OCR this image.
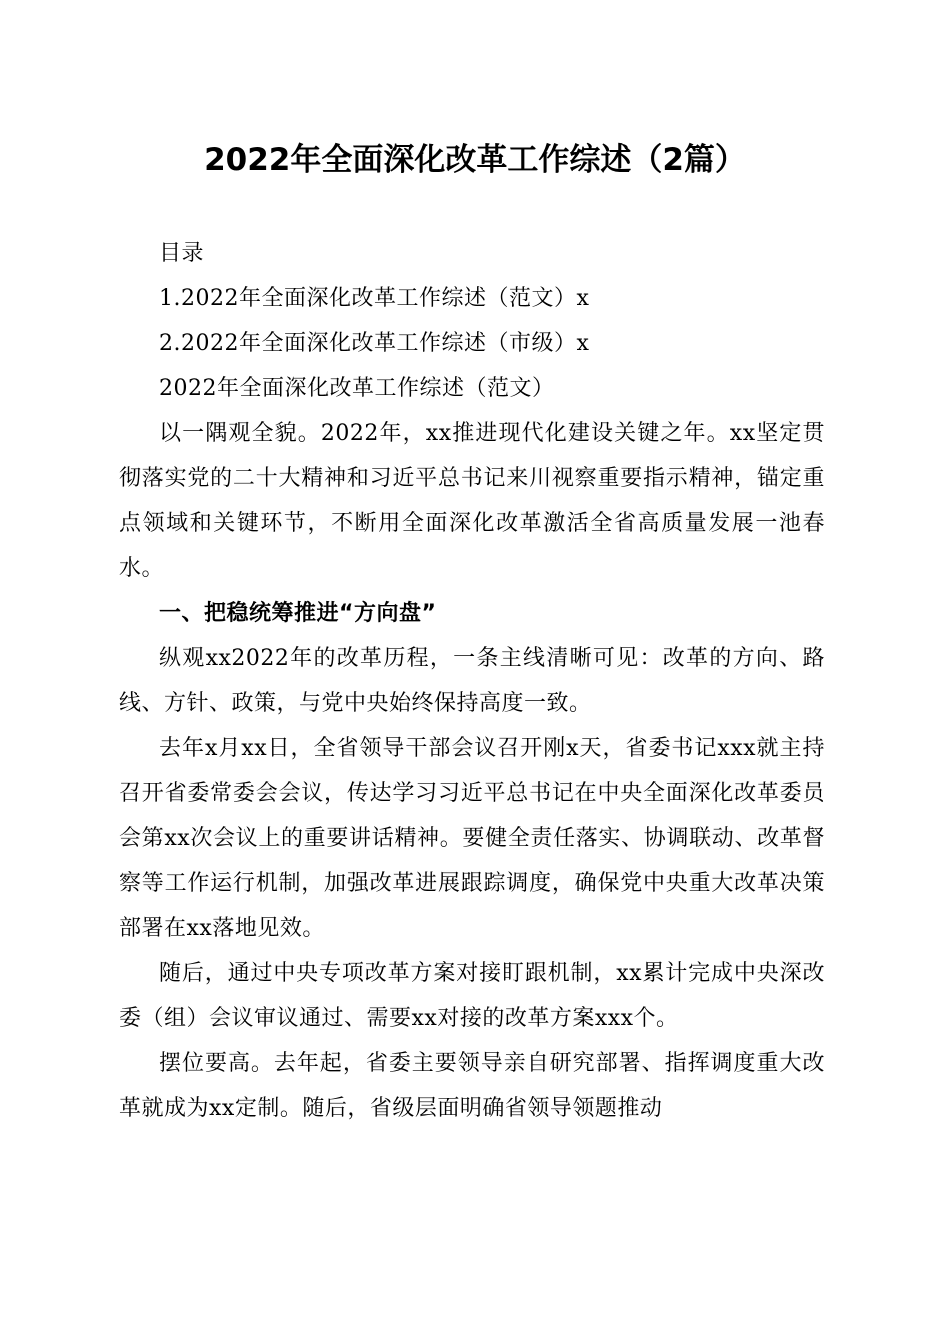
2022年全面深化改革工作综述（2篇）

目录

1.2022年全面深化改革工作综述（范文）x

2.2022年全面深化改革工作综述（市级）x

2022年全面深化改革工作综述（范文）

以一隅观全貌。2022年，xx推进现代化建设关键之年。xx坚定贯彻落实党的二十大精神和习近平总书记来川视察重要指示精神，锚定重点领域和关键环节，不断用全面深化改革激活全省高质量发展一池春水。

一、把稳统筹推进“方向盘”

纵观xx2022年的改革历程，一条主线清晰可见：改革的方向、路线、方针、政策，与党中央始终保持高度一致。

去年x月xx日，全省领导干部会议召开刚x天，省委书记xxx就主持召开省委常委会会议，传达学习习近平总书记在中央全面深化改革委员会第xx次会议上的重要讲话精神。要健全责任落实、协调联动、改革督察等工作运行机制，加强改革进展跟踪调度，确保党中央重大改革决策部署在xx落地见效。

随后，通过中央专项改革方案对接盯跟机制，xx累计完成中央深改委（组）会议审议通过、需要xx对接的改革方案xxx个。

摆位要高。去年起，省委主要领导亲自研究部署、指挥调度重大改革就成为xx定制。随后，省级层面明确省领导领题推动
